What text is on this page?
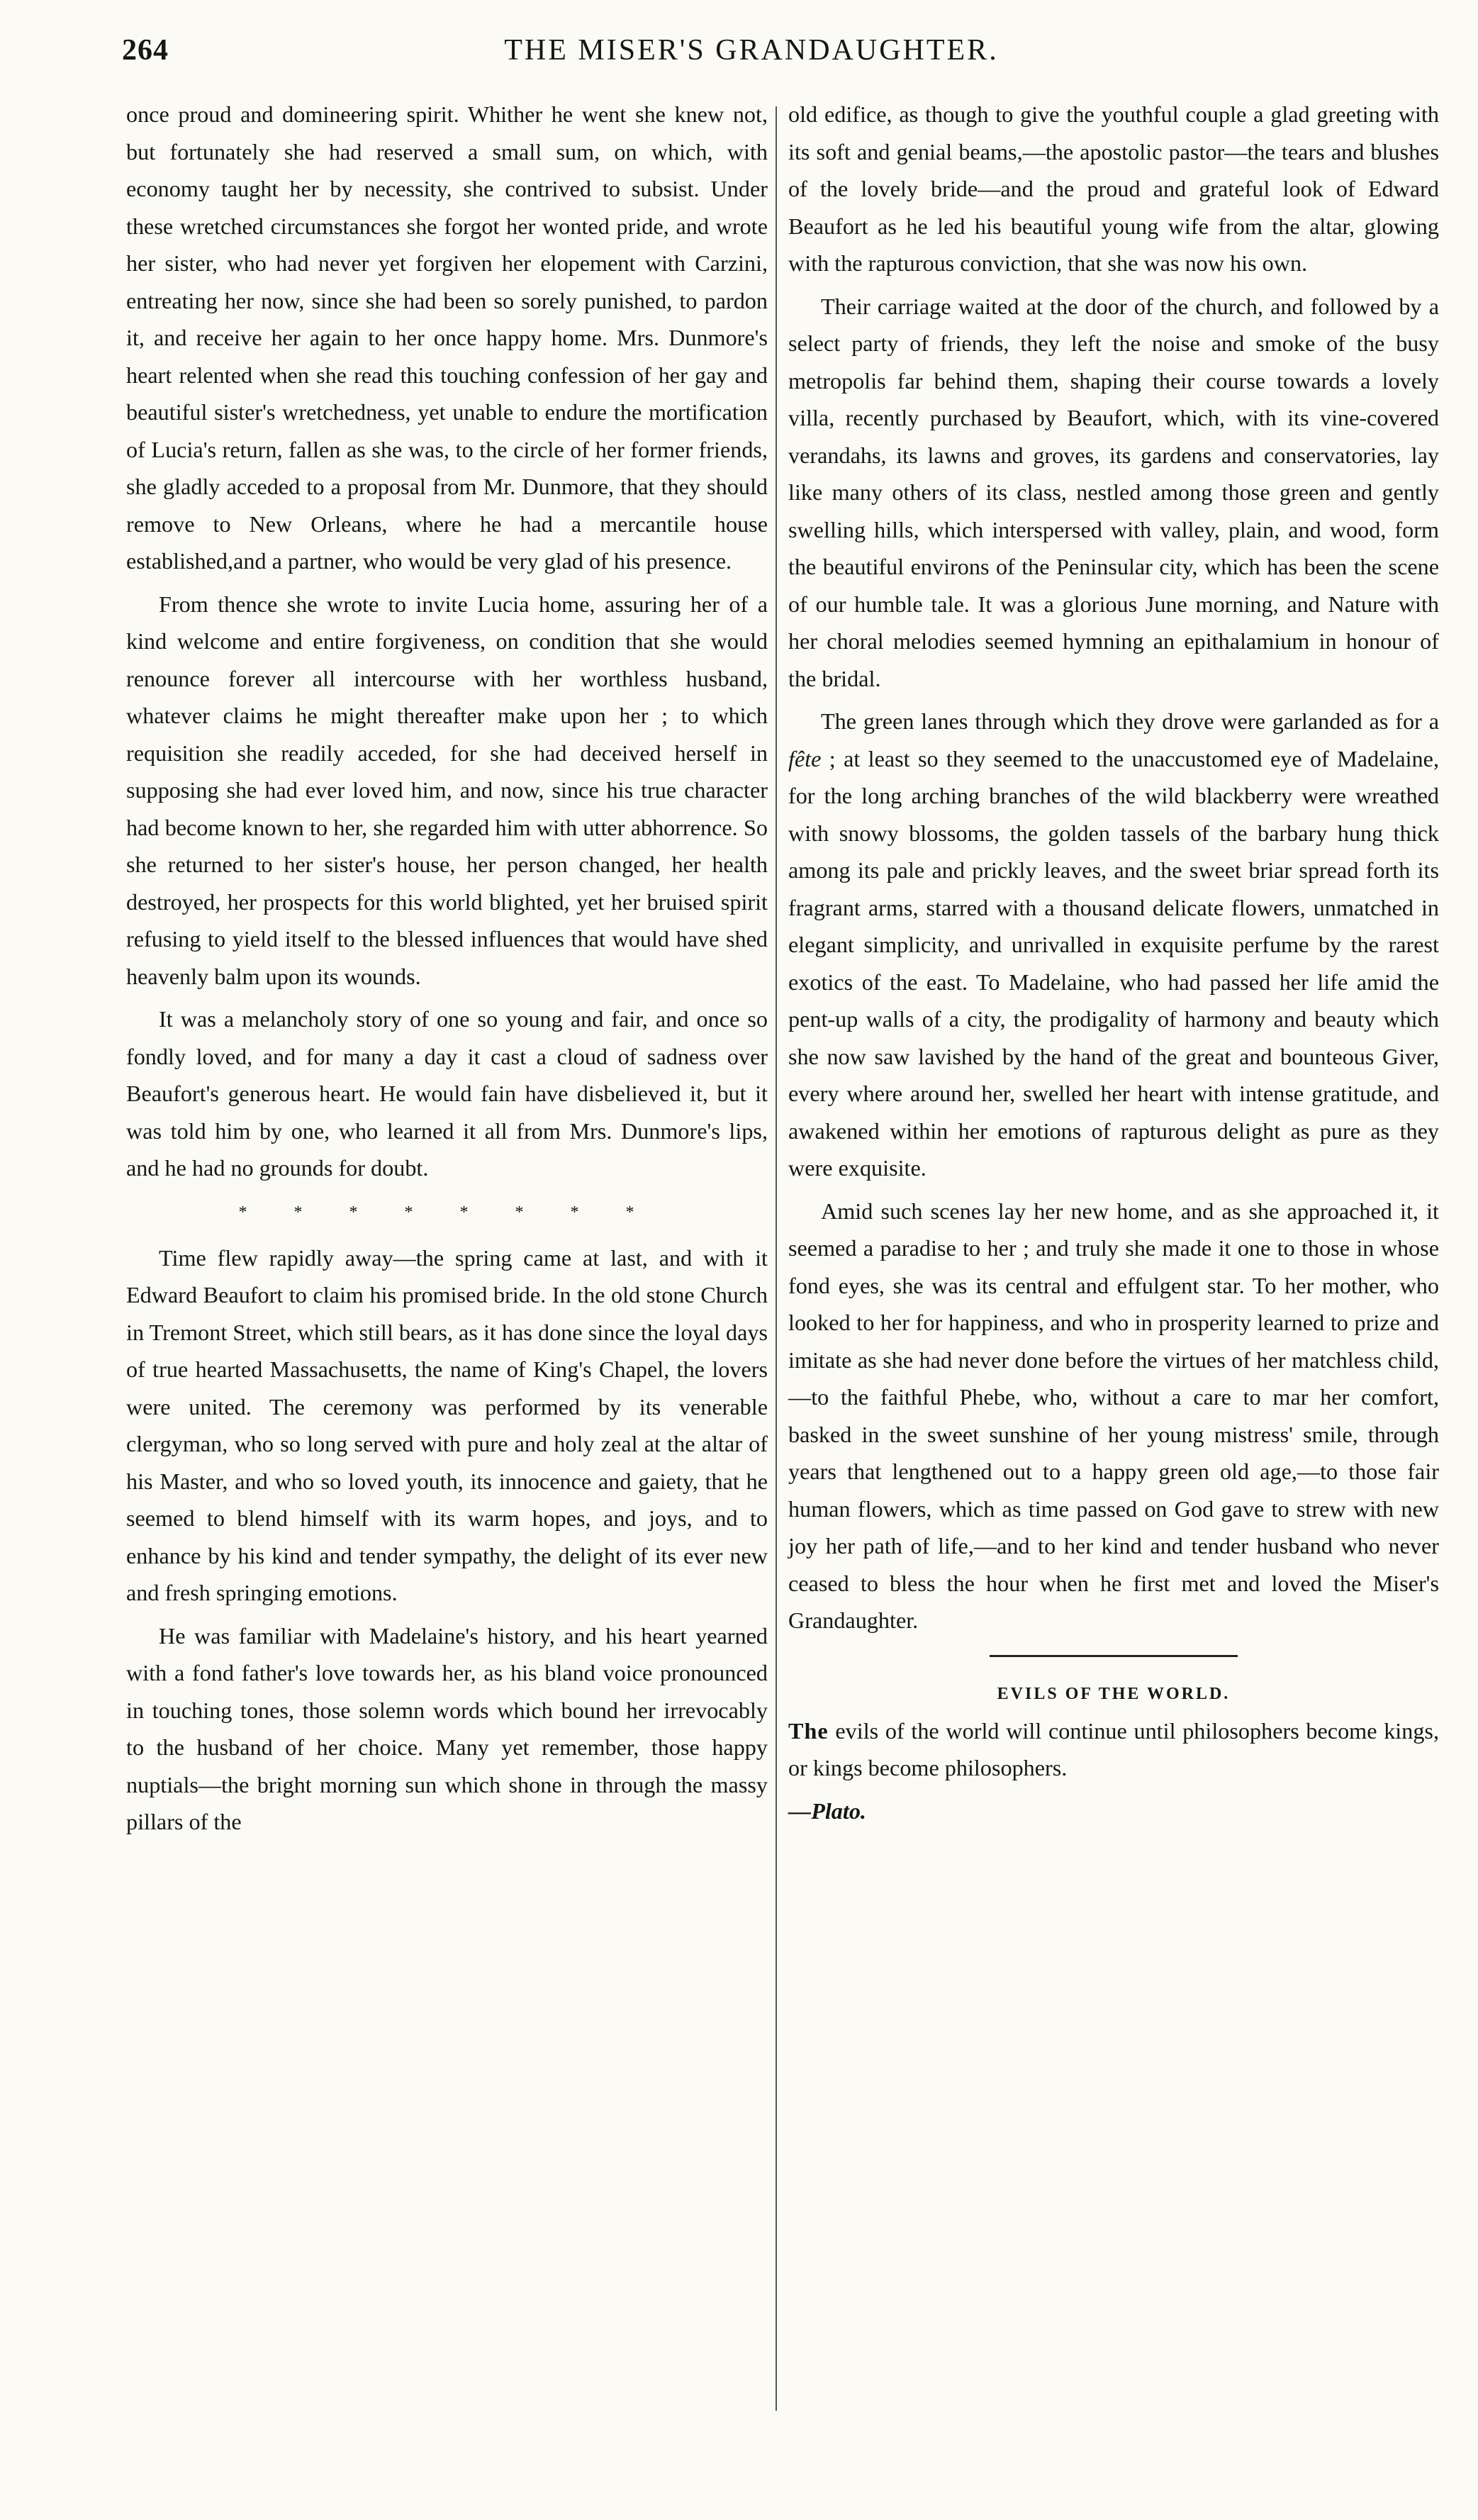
264	THE MISER'S GRANDAUGHTER.

once proud and domineering spirit. Whither he went she knew not, but fortunately she had reserved a small sum, on which, with economy taught her by necessity, she contrived to subsist. Under these wretched circumstances she forgot her wonted pride, and wrote her sister, who had never yet forgiven her elopement with Carzini, entreating her now, since she had been so sorely punished, to pardon it, and receive her again to her once happy home. Mrs. Dunmore's heart relented when she read this touching confession of her gay and beautiful sister's wretchedness, yet unable to endure the mortification of Lucia's return, fallen as she was, to the circle of her former friends, she gladly acceded to a proposal from Mr. Dunmore, that they should remove to New Orleans, where he had a mercantile house established,and a partner, who would be very glad of his presence.

From thence she wrote to invite Lucia home, assuring her of a kind welcome and entire forgiveness, on condition that she would renounce forever all intercourse with her worthless husband, whatever claims he might thereafter make upon her ; to which requisition she readily acceded, for she had deceived herself in supposing she had ever loved him, and now, since his true character had become known to her, she regarded him with utter abhorrence. So she returned to her sister's house, her person changed, her health destroyed, her prospects for this world blighted, yet her bruised spirit refusing to yield itself to the blessed influences that would have shed heavenly balm upon its wounds.

It was a melancholy story of one so young and fair, and once so fondly loved, and for many a day it cast a cloud of sadness over Beaufort's generous heart. He would fain have disbelieved it, but it was told him by one, who learned it all from Mrs. Dunmore's lips, and he had no grounds for doubt.

* * * * * * * *

Time flew rapidly away—the spring came at last, and with it Edward Beaufort to claim his promised bride. In the old stone Church in Tremont Street, which still bears, as it has done since the loyal days of true hearted Massachusetts, the name of King's Chapel, the lovers were united. The ceremony was performed by its venerable clergyman, who so long served with pure and holy zeal at the altar of his Master, and who so loved youth, its innocence and gaiety, that he seemed to blend himself with its warm hopes, and joys, and to enhance by his kind and tender sympathy, the delight of its ever new and fresh springing emotions.

He was familiar with Madelaine's history, and his heart yearned with a fond father's love towards her, as his bland voice pronounced in touching tones, those solemn words which bound her irrevocably to the husband of her choice. Many yet remember, those happy nuptials—the bright morning sun which shone in through the massy pillars of the

old edifice, as though to give the youthful couple a glad greeting with its soft and genial beams,—the apostolic pastor—the tears and blushes of the lovely bride—and the proud and grateful look of Edward Beaufort as he led his beautiful young wife from the altar, glowing with the rapturous conviction, that she was now his own.

Their carriage waited at the door of the church, and followed by a select party of friends, they left the noise and smoke of the busy metropolis far behind them, shaping their course towards a lovely villa, recently purchased by Beaufort, which, with its vine-covered verandahs, its lawns and groves, its gardens and conservatories, lay like many others of its class, nestled among those green and gently swelling hills, which interspersed with valley, plain, and wood, form the beautiful environs of the Peninsular city, which has been the scene of our humble tale. It was a glorious June morning, and Nature with her choral melodies seemed hymning an epithalamium in honour of the bridal.

The green lanes through which they drove were garlanded as for a fête ; at least so they seemed to the unaccustomed eye of Madelaine, for the long arching branches of the wild blackberry were wreathed with snowy blossoms, the golden tassels of the barbary hung thick among its pale and prickly leaves, and the sweet briar spread forth its fragrant arms, starred with a thousand delicate flowers, unmatched in elegant simplicity, and unrivalled in exquisite perfume by the rarest exotics of the east. To Madelaine, who had passed her life amid the pent-up walls of a city, the prodigality of harmony and beauty which she now saw lavished by the hand of the great and bounteous Giver, every where around her, swelled her heart with intense gratitude, and awakened within her emotions of rapturous delight as pure as they were exquisite.

Amid such scenes lay her new home, and as she approached it, it seemed a paradise to her ; and truly she made it one to those in whose fond eyes, she was its central and effulgent star. To her mother, who looked to her for happiness, and who in prosperity learned to prize and imitate as she had never done before the virtues of her matchless child,—to the faithful Phebe, who, without a care to mar her comfort, basked in the sweet sunshine of her young mistress' smile, through years that lengthened out to a happy green old age,—to those fair human flowers, which as time passed on God gave to strew with new joy her path of life,—and to her kind and tender husband who never ceased to bless the hour when he first met and loved the Miser's Grandaughter.

EVILS OF THE WORLD.

The evils of the world will continue until philosophers become kings, or kings become philosophers.

—Plato.
